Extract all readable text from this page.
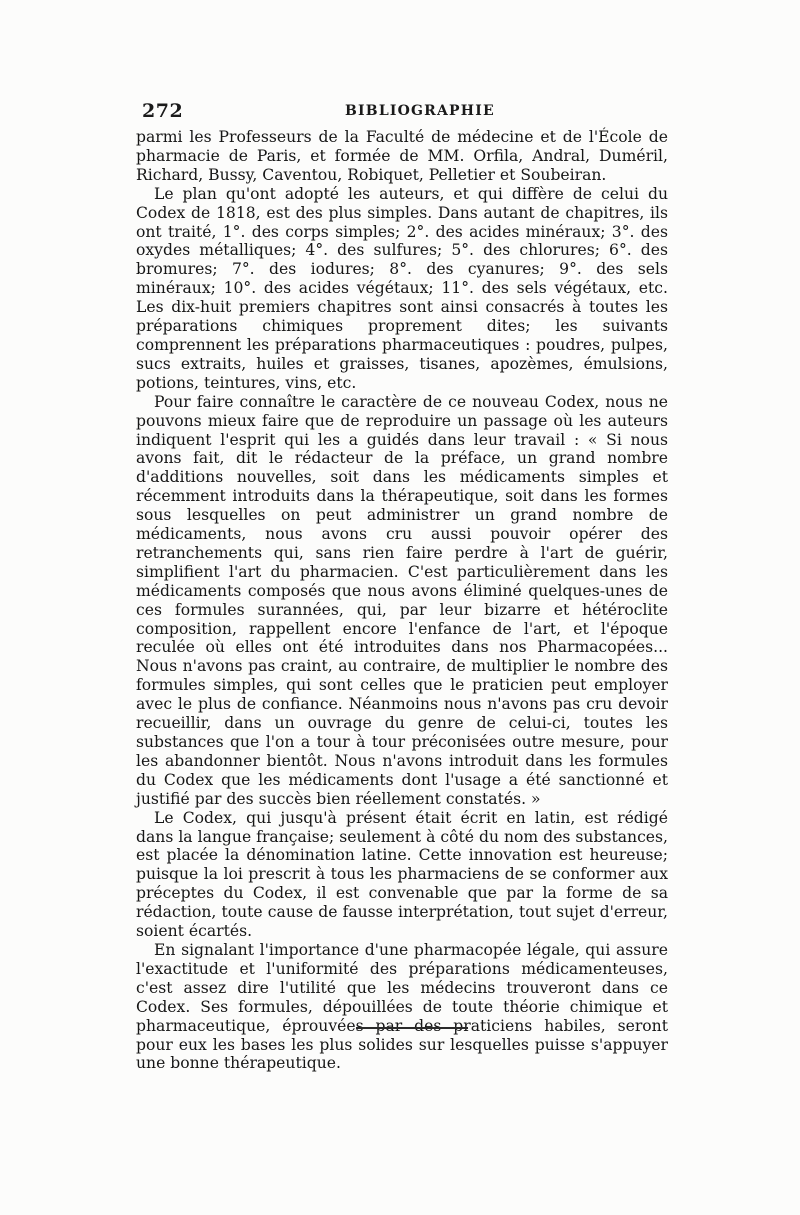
272	BIBLIOGRAPHIE

parmi les Professeurs de la Faculté de médecine et de l'École de pharmacie de Paris, et formée de MM. Orfila, Andral, Duméril, Richard, Bussy, Caventou, Robiquet, Pelletier et Soubeiran.

Le plan qu'ont adopté les auteurs, et qui diffère de celui du Codex de 1818, est des plus simples. Dans autant de chapitres, ils ont traité, 1°. des corps simples; 2°. des acides minéraux; 3°. des oxydes métalliques; 4°. des sulfures; 5°. des chlorures; 6°. des bromures; 7°. des iodures; 8°. des cyanures; 9°. des sels minéraux; 10°. des acides végétaux; 11°. des sels végétaux, etc. Les dix-huit premiers chapitres sont ainsi consacrés à toutes les préparations chimiques proprement dites; les suivants comprennent les préparations pharmaceutiques : poudres, pulpes, sucs extraits, huiles et graisses, tisanes, apozèmes, émulsions, potions, teintures, vins, etc.

Pour faire connaître le caractère de ce nouveau Codex, nous ne pouvons mieux faire que de reproduire un passage où les auteurs indiquent l'esprit qui les a guidés dans leur travail : « Si nous avons fait, dit le rédacteur de la préface, un grand nombre d'additions nouvelles, soit dans les médicaments simples et récemment introduits dans la thérapeutique, soit dans les formes sous lesquelles on peut administrer un grand nombre de médicaments, nous avons cru aussi pouvoir opérer des retranchements qui, sans rien faire perdre à l'art de guérir, simplifient l'art du pharmacien. C'est particulièrement dans les médicaments composés que nous avons éliminé quelques-unes de ces formules surannées, qui, par leur bizarre et hétéroclite composition, rappellent encore l'enfance de l'art, et l'époque reculée où elles ont été introduites dans nos Pharmacopées... Nous n'avons pas craint, au contraire, de multiplier le nombre des formules simples, qui sont celles que le praticien peut employer avec le plus de confiance. Néanmoins nous n'avons pas cru devoir recueillir, dans un ouvrage du genre de celui-ci, toutes les substances que l'on a tour à tour préconisées outre mesure, pour les abandonner bientôt. Nous n'avons introduit dans les formules du Codex que les médicaments dont l'usage a été sanctionné et justifié par des succès bien réellement constatés. »

Le Codex, qui jusqu'à présent était écrit en latin, est rédigé dans la langue française; seulement à côté du nom des substances, est placée la dénomination latine. Cette innovation est heureuse; puisque la loi prescrit à tous les pharmaciens de se conformer aux préceptes du Codex, il est convenable que par la forme de sa rédaction, toute cause de fausse interprétation, tout sujet d'erreur, soient écartés.

En signalant l'importance d'une pharmacopée légale, qui assure l'exactitude et l'uniformité des préparations médicamenteuses, c'est assez dire l'utilité que les médecins trouveront dans ce Codex. Ses formules, dépouillées de toute théorie chimique et pharmaceutique, éprouvées par des praticiens habiles, seront pour eux les bases les plus solides sur lesquelles puisse s'appuyer une bonne thérapeutique.
